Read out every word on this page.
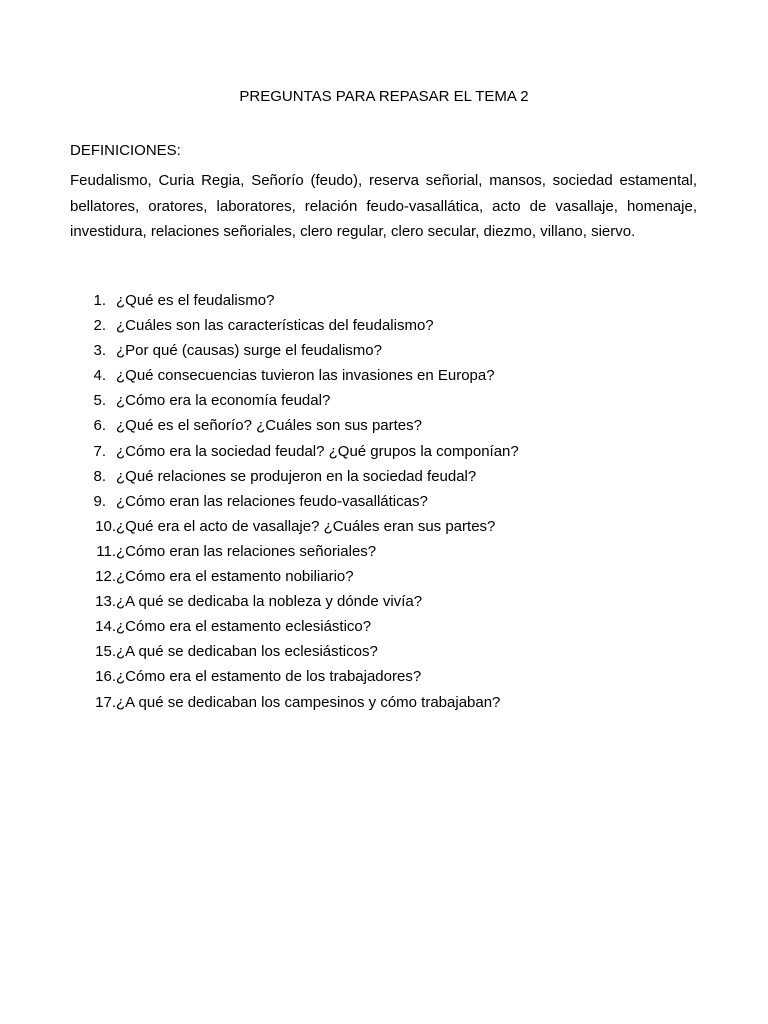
PREGUNTAS PARA REPASAR EL TEMA 2
DEFINICIONES:

Feudalismo, Curia Regia, Señorío (feudo), reserva señorial, mansos, sociedad estamental, bellatores, oratores, laboratores, relación feudo-vasallática, acto de vasallaje, homenaje, investidura, relaciones señoriales, clero regular, clero secular, diezmo, villano, siervo.

1. ¿Qué es el feudalismo?
2. ¿Cuáles son las características del feudalismo?
3. ¿Por qué (causas) surge el feudalismo?
4. ¿Qué consecuencias tuvieron las invasiones en Europa?
5. ¿Cómo era la economía feudal?
6. ¿Qué es el señorío? ¿Cuáles son sus partes?
7. ¿Cómo era la sociedad feudal? ¿Qué grupos la componían?
8. ¿Qué relaciones se produjeron en la sociedad feudal?
9. ¿Cómo eran las relaciones feudo-vasalláticas?
10. ¿Qué era el acto de vasallaje? ¿Cuáles eran sus partes?
11. ¿Cómo eran las relaciones señoriales?
12. ¿Cómo era el estamento nobiliario?
13. ¿A qué se dedicaba la nobleza y dónde vivía?
14. ¿Cómo era el estamento eclesiástico?
15. ¿A qué se dedicaban los eclesiásticos?
16. ¿Cómo era el estamento de los trabajadores?
17. ¿A qué se dedicaban los campesinos y cómo trabajaban?
